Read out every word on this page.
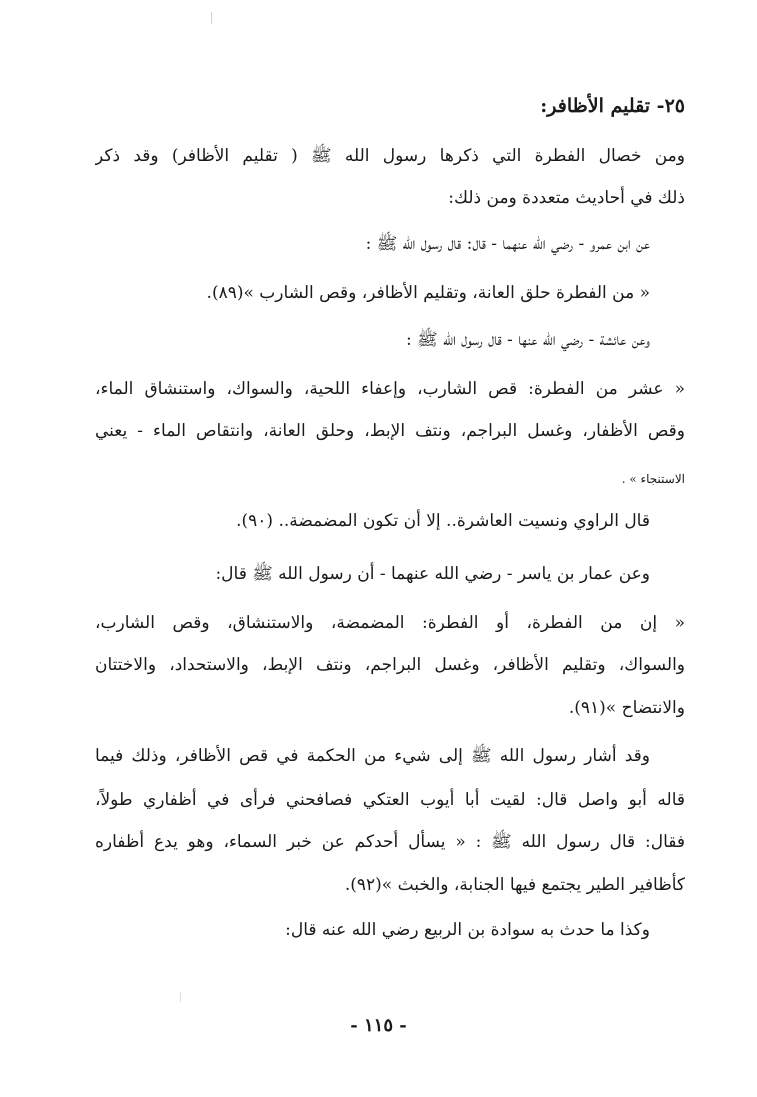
٢٥- تقليم الأظافر:
ومن خصال الفطرة التي ذكرها رسول الله ﷺ ( تقليم الأظافر) وقد ذكر
ذلك في أحاديث متعددة ومن ذلك:
عن ابن عمرو - رضي الله عنهما - قال: قال رسول الله ﷺ :
« من الفطرة حلق العانة، وتقليم الأظافر، وقص الشارب »(٨٩).
وعن عائشة - رضي الله عنها - قال رسول الله ﷺ :
« عشر من الفطرة: قص الشارب، وإعفاء اللحية، والسواك، واستنشاق الماء،
وقص الأظفار، وغسل البراجم، ونتف الإبط، وحلق العانة، وانتقاص الماء - يعني
الاستنجاء » .
قال الراوي ونسيت العاشرة.. إلا أن تكون المضمضة.. (٩٠).
وعن عمار بن ياسر - رضي الله عنهما - أن رسول الله ﷺ قال:
« إن من الفطرة، أو الفطرة: المضمضة، والاستنشاق، وقص الشارب،
والسواك، وتقليم الأظافر، وغسل البراجم، ونتف الإبط، والاستحداد، والاختتان
والانتضاح »(٩١).
وقد أشار رسول الله ﷺ إلى شيء من الحكمة في قص الأظافر، وذلك فيما
قاله أبو واصل قال: لقيت أبا أيوب العتكي فصافحني فرأى في أظفاري طولاً،
فقال: قال رسول الله ﷺ : « يسأل أحدكم عن خبر السماء، وهو يدع أظفاره
كأظافير الطير يجتمع فيها الجنابة، والخبث »(٩٢).
وكذا ما حدث به سوادة بن الربيع رضي الله عنه قال:
- ١١٥ -
